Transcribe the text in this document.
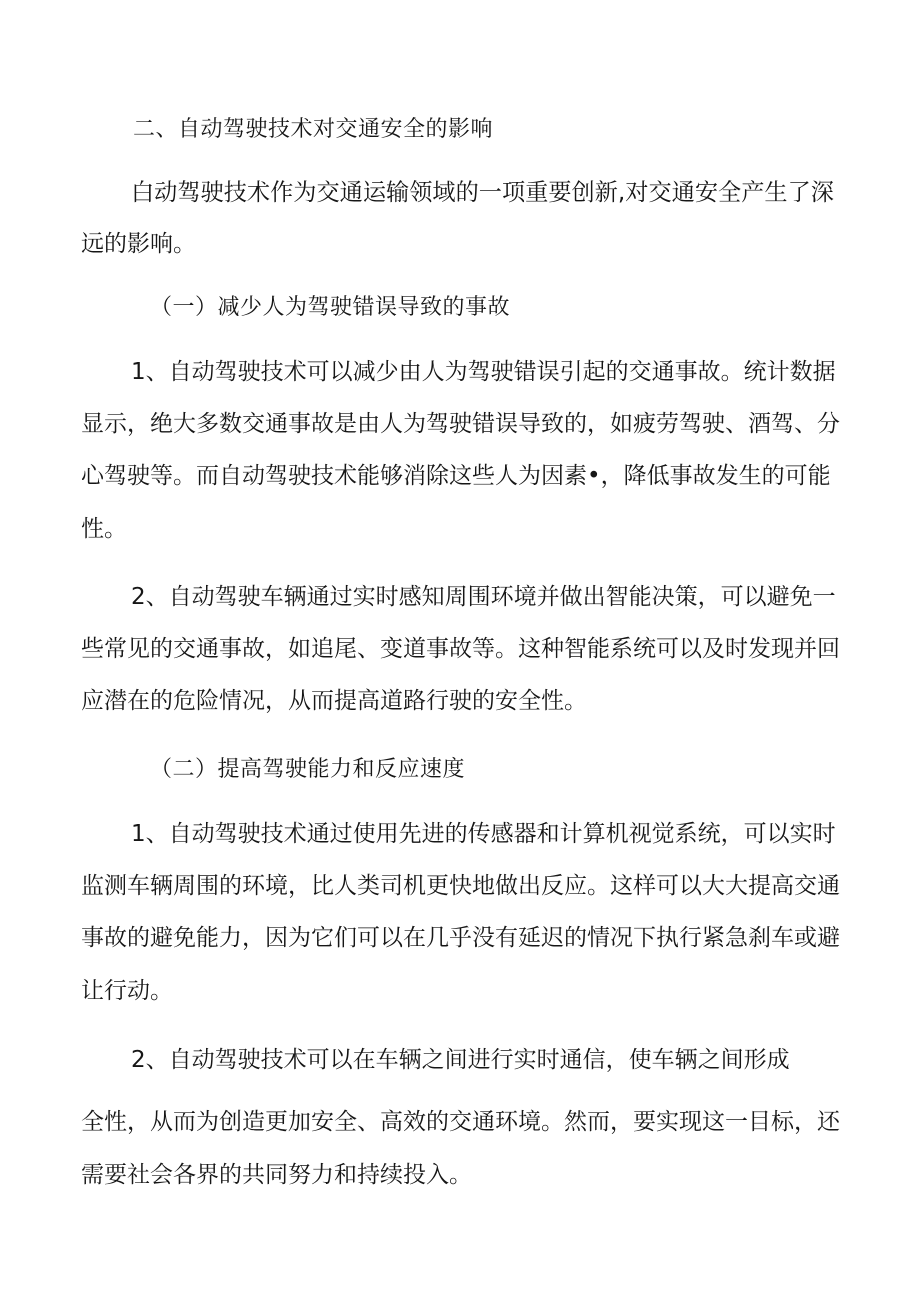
二、自动驾驶技术对交通安全的影响
白动驾驶技术作为交通运输领域的一项重要创新,对交通安全产生了深
远的影响。
（一）减少人为驾驶错误导致的事故
1、自动驾驶技术可以减少由人为驾驶错误引起的交通事故。统计数据
显示，绝大多数交通事故是由人为驾驶错误导致的，如疲劳驾驶、酒驾、分
心驾驶等。而自动驾驶技术能够消除这些人为因素•，降低事故发生的可能
性。
2、自动驾驶车辆通过实时感知周围环境并做出智能决策，可以避免一
些常见的交通事故，如追尾、变道事故等。这种智能系统可以及时发现并回
应潜在的危险情况，从而提高道路行驶的安全性。
（二）提高驾驶能力和反应速度
1、自动驾驶技术通过使用先进的传感器和计算机视觉系统，可以实时
监测车辆周围的环境，比人类司机更快地做出反应。这样可以大大提高交通
事故的避免能力，因为它们可以在几乎没有延迟的情况下执行紧急刹车或避
让行动。
2、自动驾驶技术可以在车辆之间进行实时通信，使车辆之间形成
全性，从而为创造更加安全、高效的交通环境。然而，要实现这一目标，还
需要社会各界的共同努力和持续投入。
